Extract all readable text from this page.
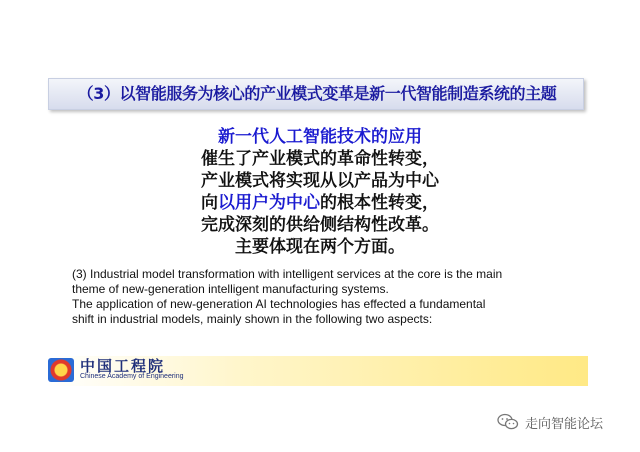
（3）以智能服务为核心的产业模式变革是新一代智能制造系统的主题
新一代人工智能技术的应用
催生了产业模式的革命性转变，
产业模式将实现从以产品为中心
向以用户为中心的根本性转变，
完成深刻的供给侧结构性改革。
主要体现在两个方面。
(3) Industrial model transformation with intelligent services at the core is the main
theme of new-generation intelligent manufacturing systems.
The application of new-generation AI technologies has effected a fundamental
shift in industrial models, mainly shown in the following two aspects:
中国工程院
Chinese Academy of Engineering
走向智能论坛
